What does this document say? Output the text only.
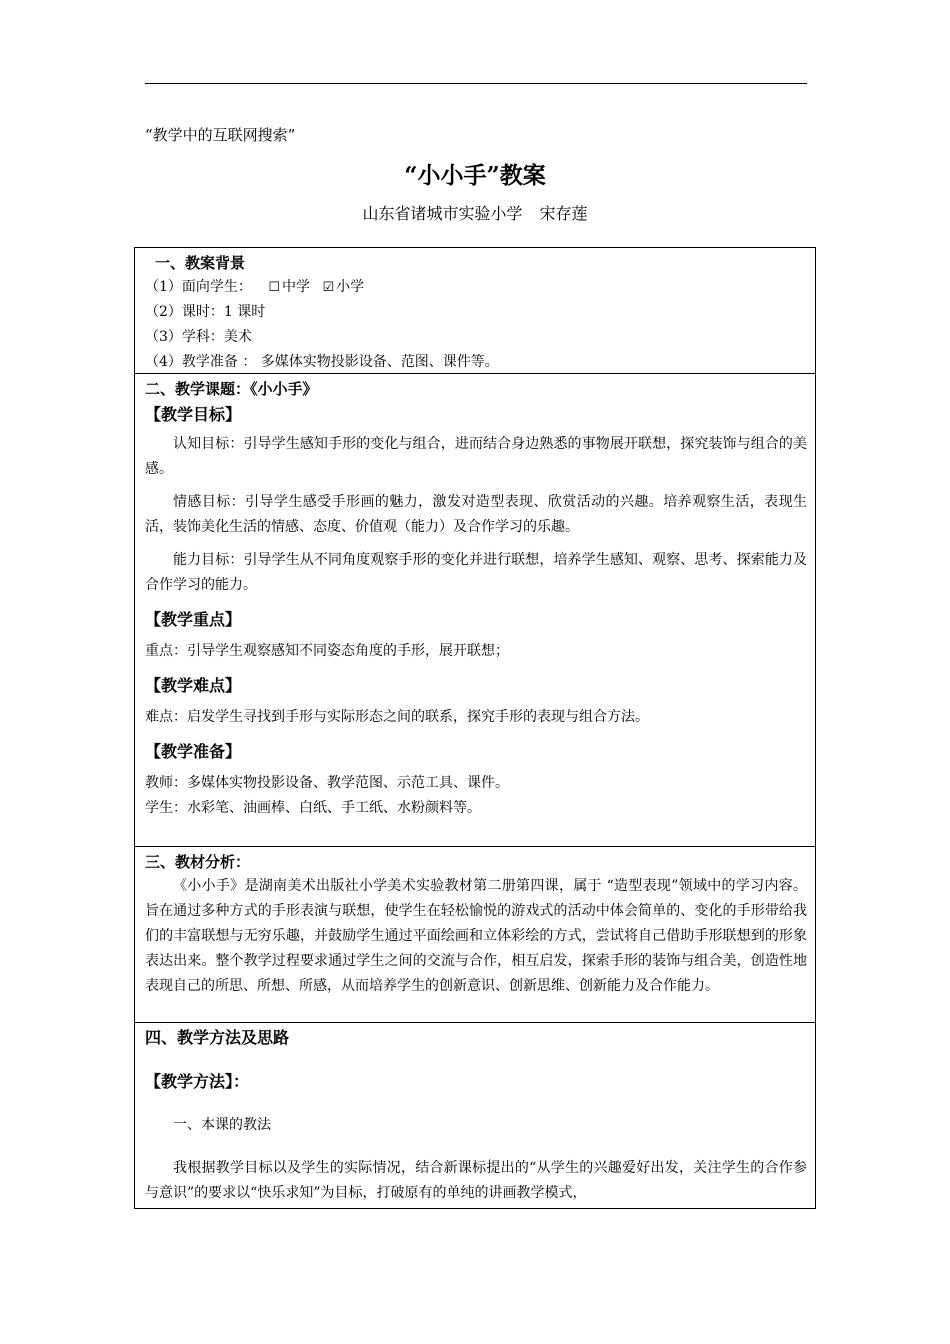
“教学中的互联网搜索”
“小小手”教案
山东省诸城市实验小学 宋存莲
一、教案背景
（1）面向学生： ☐ 中学 ☑ 小学
（2）课时：1 课时
（3）学科：美术
（4）教学准备 ： 多媒体实物投影设备、范图、课件等。
二、教学课题：《小小手》
【教学目标】
认知目标：引导学生感知手形的变化与组合，进而结合身边熟悉的事物展开联想，探究装饰与组合的美感。
情感目标：引导学生感受手形画的魅力，激发对造型表现、欣赏活动的兴趣。培养观察生活，表现生活，装饰美化生活的情感、态度、价值观（能力）及合作学习的乐趣。
能力目标：引导学生从不同角度观察手形的变化并进行联想，培养学生感知、观察、思考、探索能力及合作学习的能力。
【教学重点】
重点：引导学生观察感知不同姿态角度的手形，展开联想；
【教学难点】
难点：启发学生寻找到手形与实际形态之间的联系，探究手形的表现与组合方法。
【教学准备】
教师：多媒体实物投影设备、教学范图、示范工具、课件。
学生：水彩笔、油画棒、白纸、手工纸、水粉颜料等。
三、教材分析：
《小小手》是湖南美术出版社小学美术实验教材第二册第四课，属于 “造型表现”领域中的学习内容。旨在通过多种方式的手形表演与联想，使学生在轻松愉悦的游戏式的活动中体会简单的、变化的手形带给我们的丰富联想与无穷乐趣，并鼓励学生通过平面绘画和立体彩绘的方式，尝试将自己借助手形联想到的形象表达出来。整个教学过程要求通过学生之间的交流与合作，相互启发，探索手形的装饰与组合美，创造性地表现自己的所思、所想、所感，从而培养学生的创新意识、创新思维、创新能力及合作能力。
四、教学方法及思路
【教学方法】：
一、本课的教法
我根据教学目标以及学生的实际情况，结合新课标提出的“从学生的兴趣爱好出发，关注学生的合作参与意识”的要求以“快乐求知”为目标，打破原有的单纯的讲画教学模式，
